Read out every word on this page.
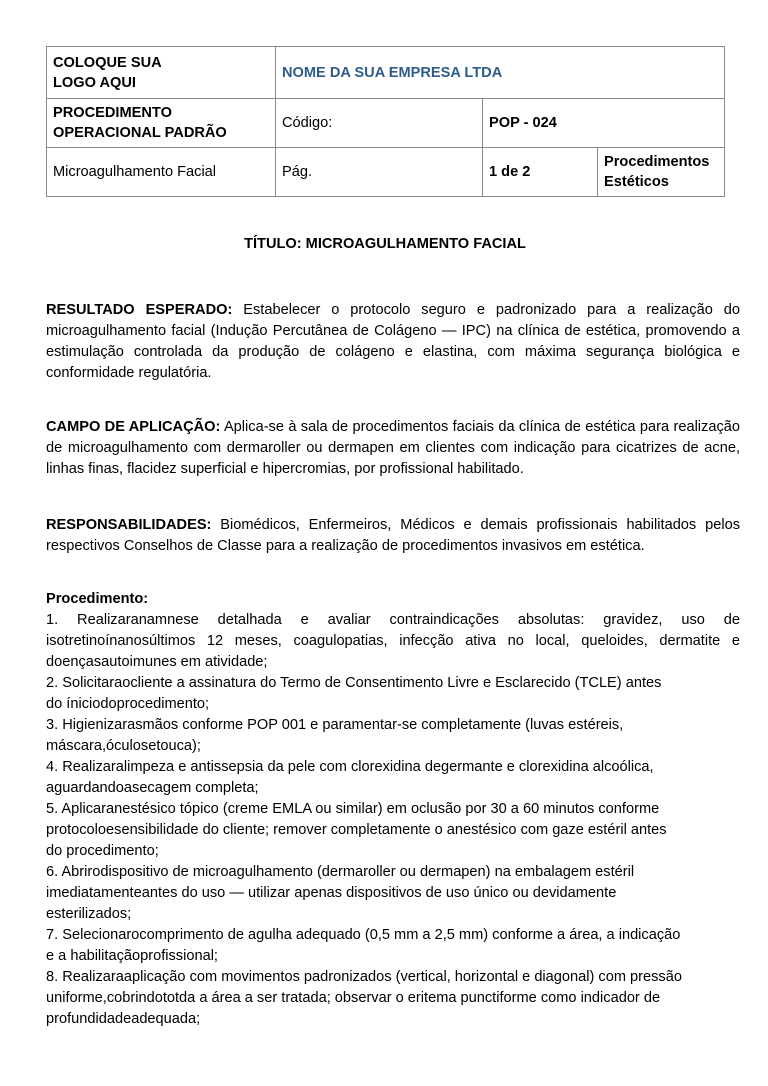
COLOQUE SUA
LOGO AQUI	NOME DA SUA EMPRESA LTDA		

PROCEDIMENTO
OPERACIONAL PADRÃO	Código:	POP - 024	
Microagulhamento Facial	Pág.	1 de 2	Procedimentos
Estéticos
TÍTULO: MICROAGULHAMENTO FACIAL

RESULTADO ESPERADO: Estabelecer o protocolo seguro e padronizado para a realização do microagulhamento facial (Indução Percutânea de Colágeno — IPC) na clínica de estética, promovendo a estimulação controlada da produção de colágeno e elastina, com máxima segurança biológica e conformidade regulatória.

CAMPO DE APLICAÇÃO: Aplica-se à sala de procedimentos faciais da clínica de estética para realização de microagulhamento com dermaroller ou dermapen em clientes com indicação para cicatrizes de acne, linhas finas, flacidez superficial e hipercromias, por profissional habilitado.

RESPONSABILIDADES: Biomédicos, Enfermeiros, Médicos e demais profissionais habilitados pelos respectivos Conselhos de Classe para a realização de procedimentos invasivos em estética.

Procedimento:
1. Realizaranamnese detalhada e avaliar contraindicações absolutas: gravidez, uso de isotretinoínanosúltimos 12 meses, coagulopatias, infecção ativa no local, queloides, dermatite e doençasautoimunes em atividade;
2. Solicitaraocliente a assinatura do Termo de Consentimento Livre e Esclarecido (TCLE) antes
do íniciodoprocedimento;
3. Higienizarasmãos conforme POP 001 e paramentar-se completamente (luvas estéreis,
máscara,óculosetouca);
4. Realizaralimpeza e antissepsia da pele com clorexidina degermante e clorexidina alcoólica,
aguardandoasecagem completa;
5. Aplicaranestésico tópico (creme EMLA ou similar) em oclusão por 30 a 60 minutos conforme
protocoloesensibilidade do cliente; remover completamente o anestésico com gaze estéril antes
do procedimento;
6. Abrirodispositivo de microagulhamento (dermaroller ou dermapen) na embalagem estéril
imediatamenteantes do uso — utilizar apenas dispositivos de uso único ou devidamente
esterilizados;
7. Selecionarocomprimento de agulha adequado (0,5 mm a 2,5 mm) conforme a área, a indicação
e a habilitaçãoprofissional;
8. Realizaraaplicação com movimentos padronizados (vertical, horizontal e diagonal) com pressão
uniforme,cobrindototda a área a ser tratada; observar o eritema punctiforme como indicador de
profundidadeadequada;
